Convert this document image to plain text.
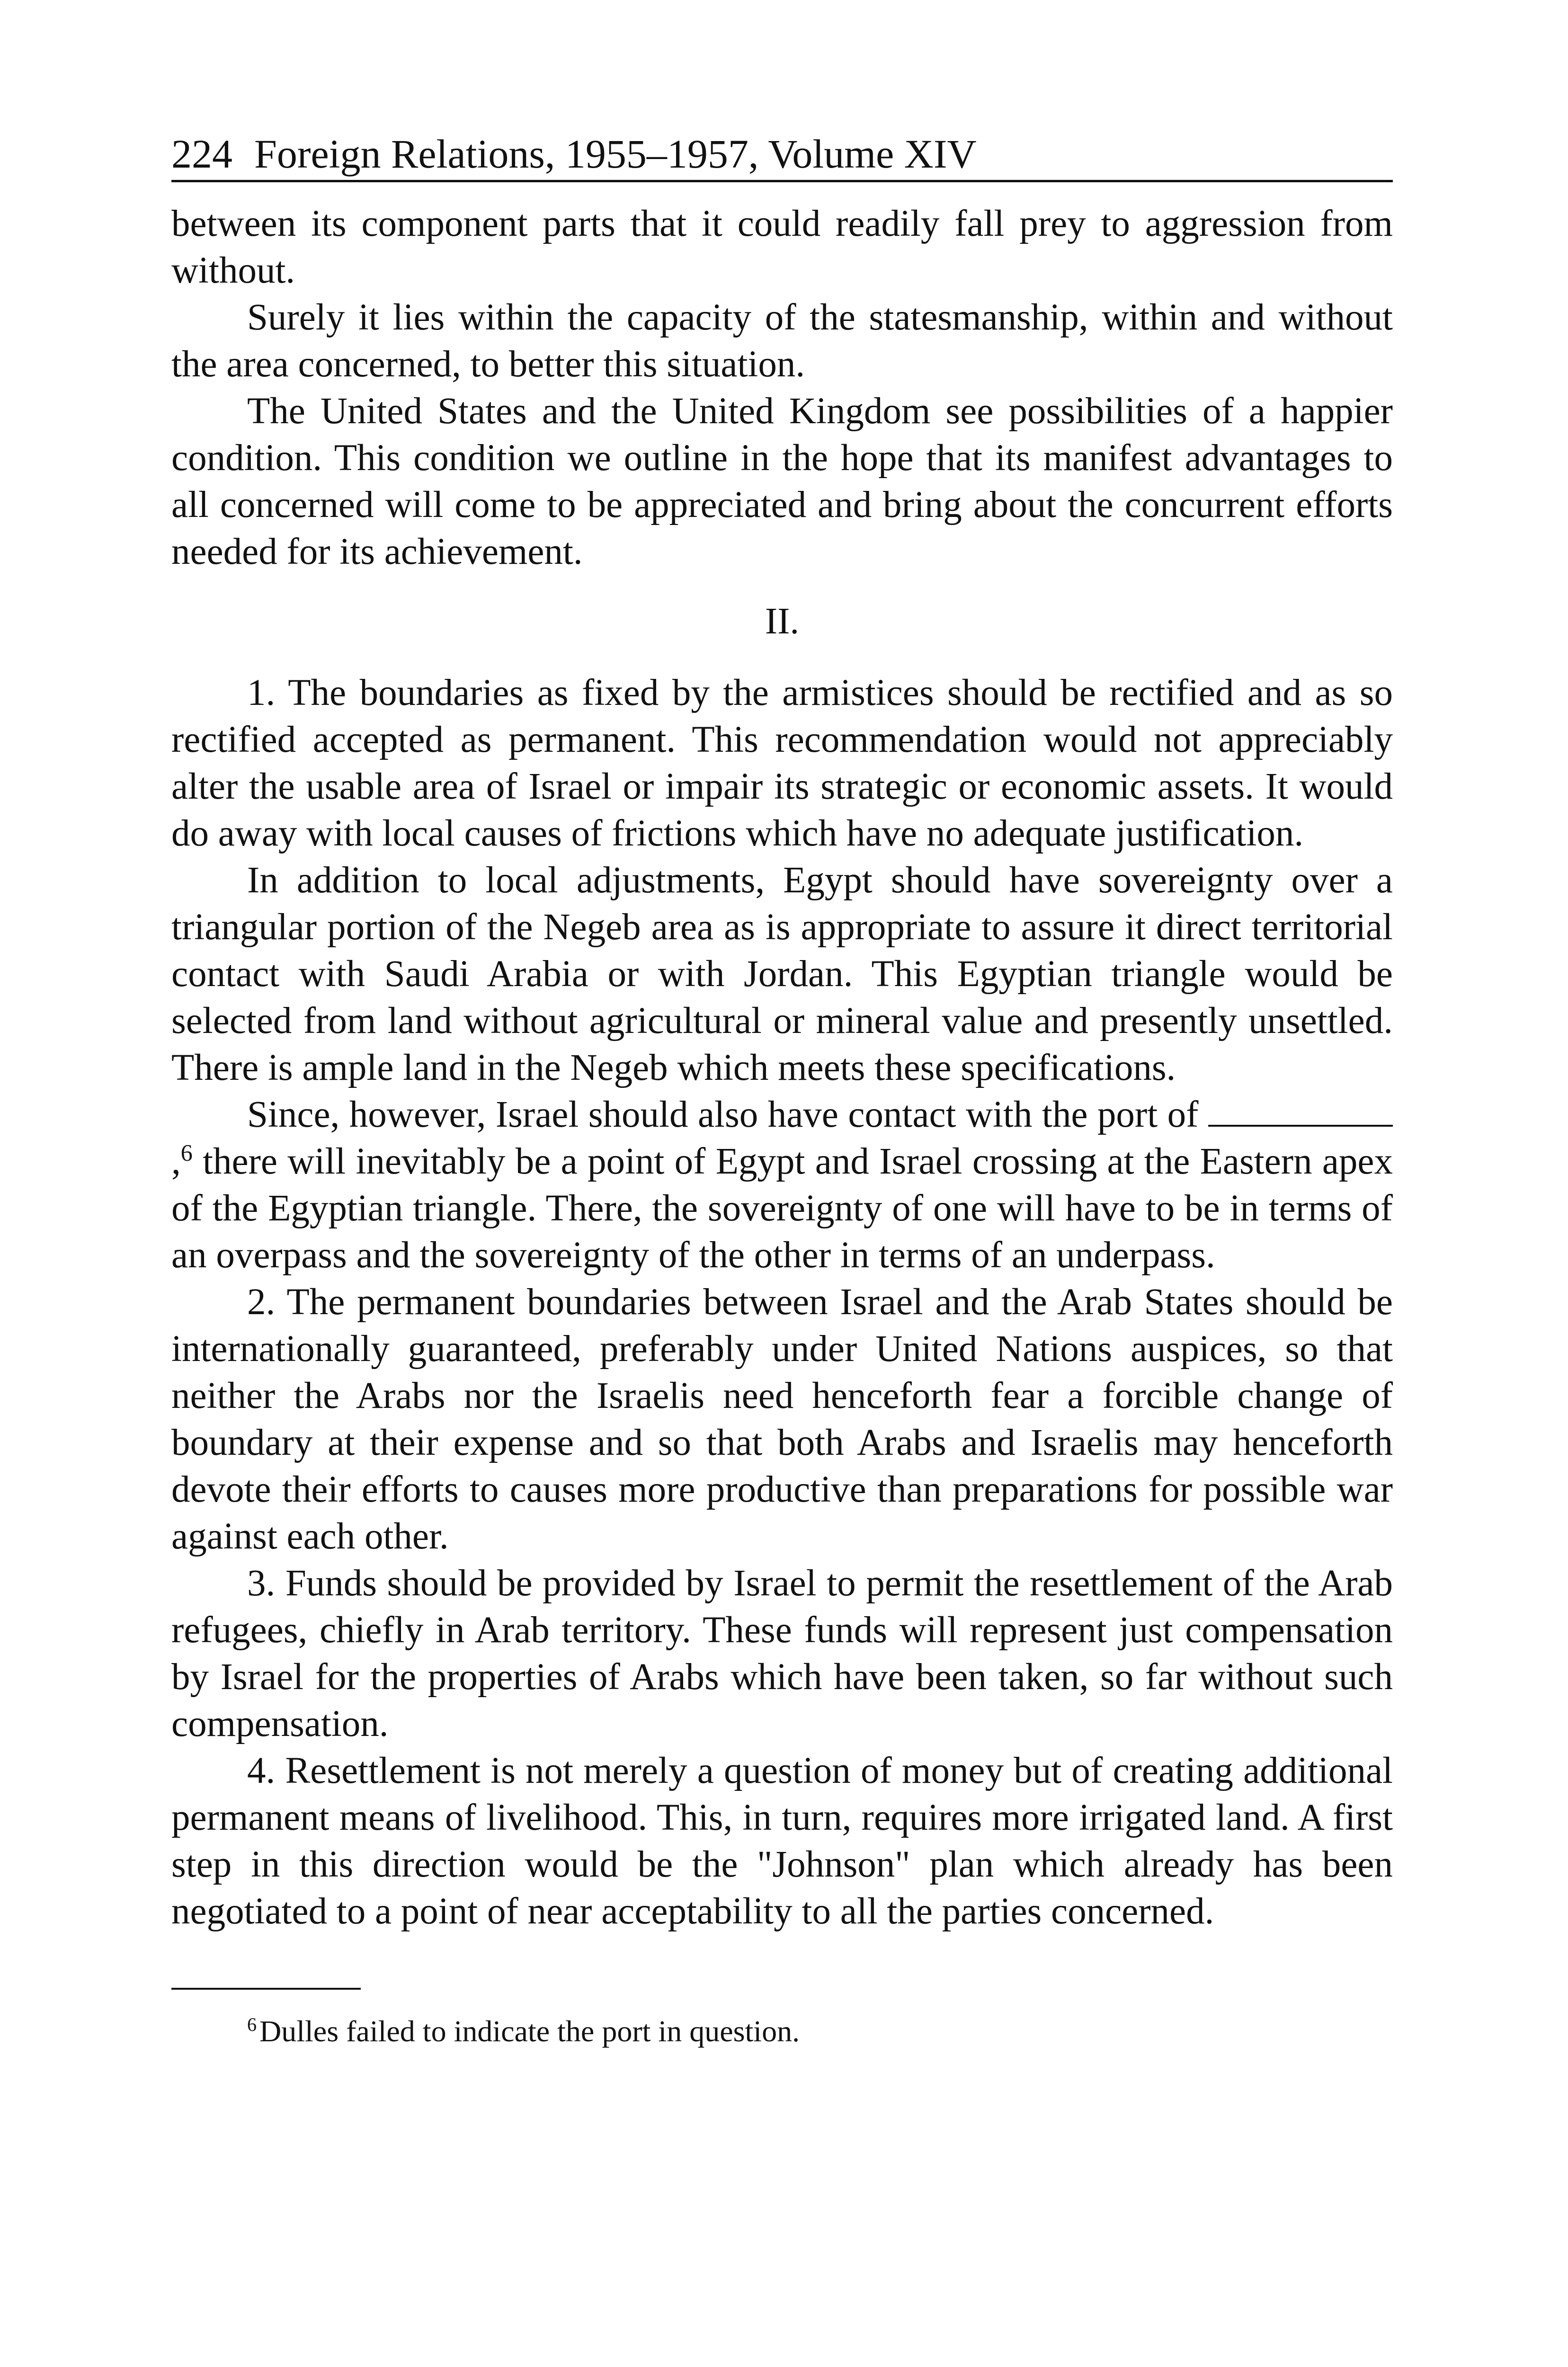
224 Foreign Relations, 1955–1957, Volume XIV

between its component parts that it could readily fall prey to aggression from without.

Surely it lies within the capacity of the statesmanship, within and without the area concerned, to better this situation.

The United States and the United Kingdom see possibilities of a happier condition. This condition we outline in the hope that its manifest advantages to all concerned will come to be appreciated and bring about the concurrent efforts needed for its achievement.

II.

1. The boundaries as fixed by the armistices should be rectified and as so rectified accepted as permanent. This recommendation would not appreciably alter the usable area of Israel or impair its strategic or economic assets. It would do away with local causes of frictions which have no adequate justification.

In addition to local adjustments, Egypt should have sovereignty over a triangular portion of the Negeb area as is appropriate to assure it direct territorial contact with Saudi Arabia or with Jordan. This Egyptian triangle would be selected from land without agricultural or mineral value and presently unsettled. There is ample land in the Negeb which meets these specifications.

Since, however, Israel should also have contact with the port of ,$^6$ there will inevitably be a point of Egypt and Israel crossing at the Eastern apex of the Egyptian triangle. There, the sovereignty of one will have to be in terms of an overpass and the sovereignty of the other in terms of an underpass.

2. The permanent boundaries between Israel and the Arab States should be internationally guaranteed, preferably under United Nations auspices, so that neither the Arabs nor the Israelis need henceforth fear a forcible change of boundary at their expense and so that both Arabs and Israelis may henceforth devote their efforts to causes more productive than preparations for possible war against each other.

3. Funds should be provided by Israel to permit the resettlement of the Arab refugees, chiefly in Arab territory. These funds will represent just compensation by Israel for the properties of Arabs which have been taken, so far without such compensation.

4. Resettlement is not merely a question of money but of creating additional permanent means of livelihood. This, in turn, requires more irrigated land. A first step in this direction would be the "Johnson" plan which already has been negotiated to a point of near acceptability to all the parties concerned.

$^6$Dulles failed to indicate the port in question.
